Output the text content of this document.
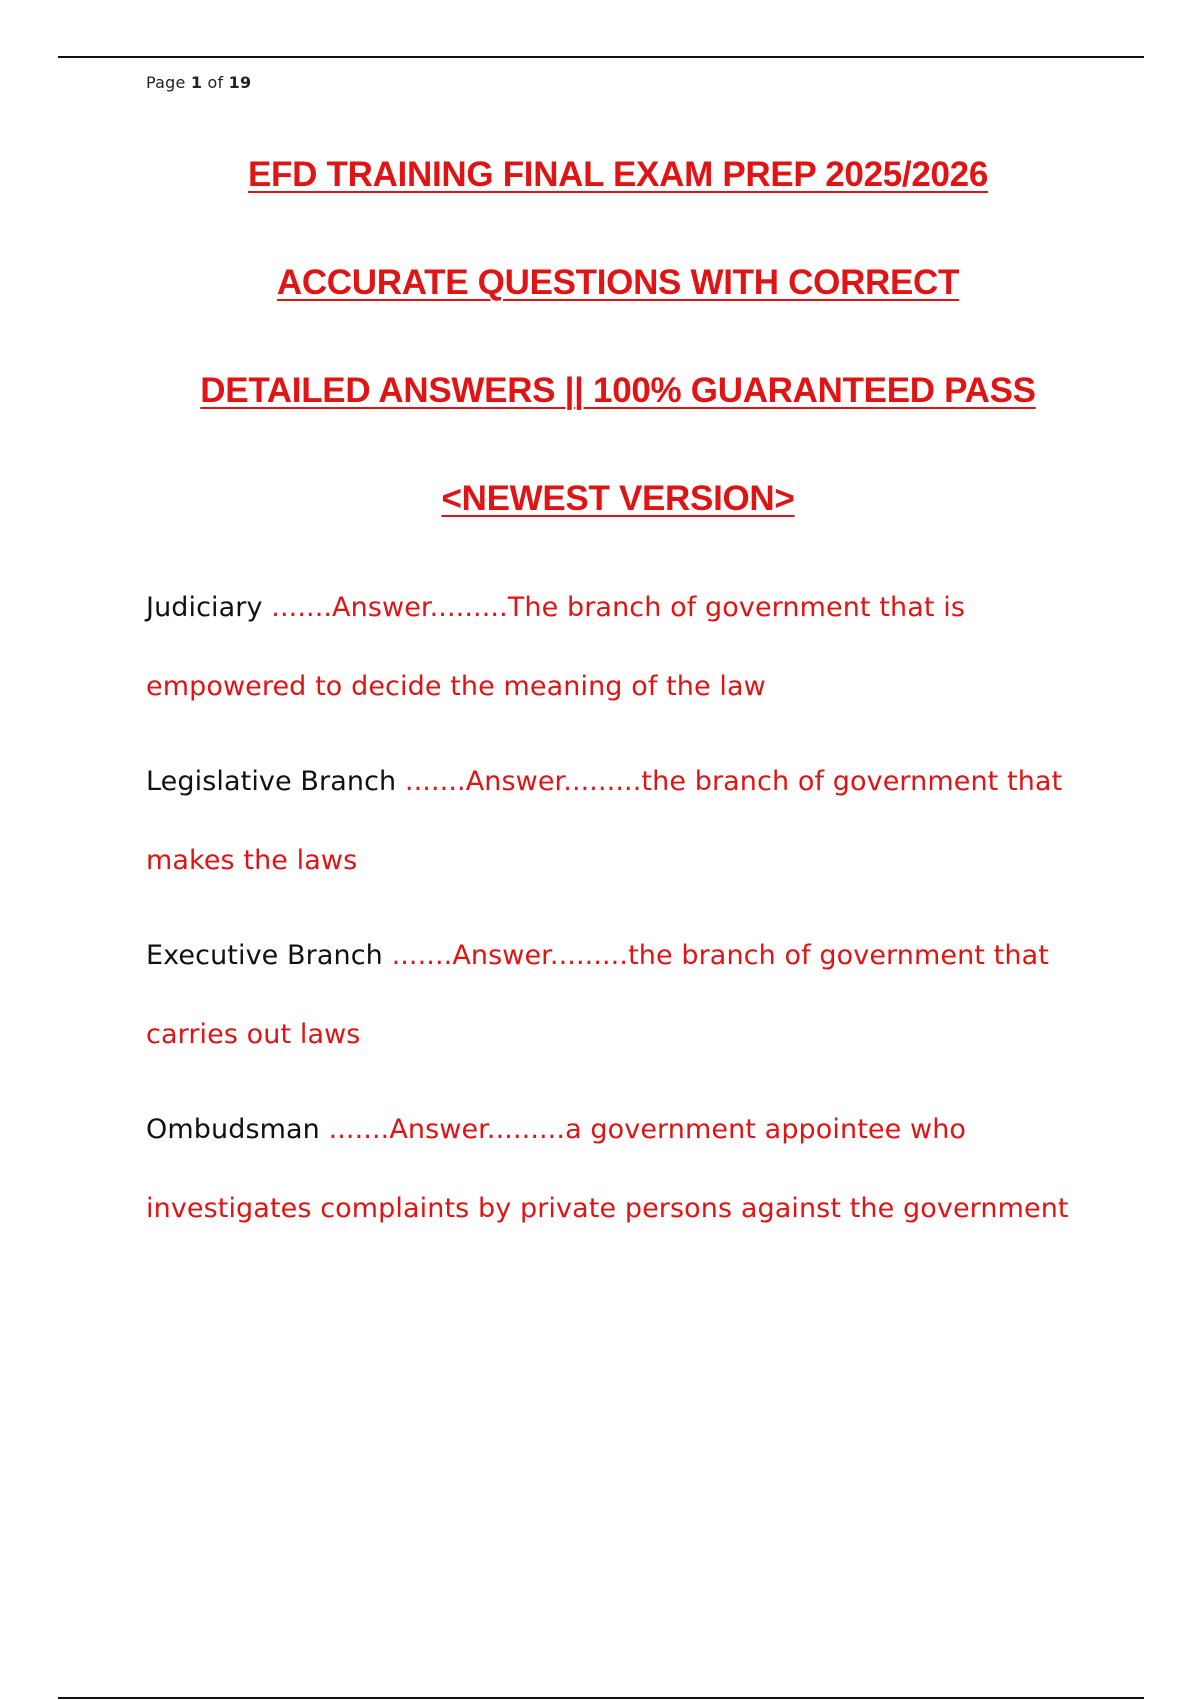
Page 1 of 19
EFD TRAINING FINAL EXAM PREP 2025/2026
ACCURATE QUESTIONS WITH CORRECT
DETAILED ANSWERS || 100% GUARANTEED PASS
<NEWEST VERSION>
Judiciary .......Answer.........The branch of government that is empowered to decide the meaning of the law
Legislative Branch .......Answer.........the branch of government that makes the laws
Executive Branch .......Answer.........the branch of government that carries out laws
Ombudsman .......Answer.........a government appointee who investigates complaints by private persons against the government
